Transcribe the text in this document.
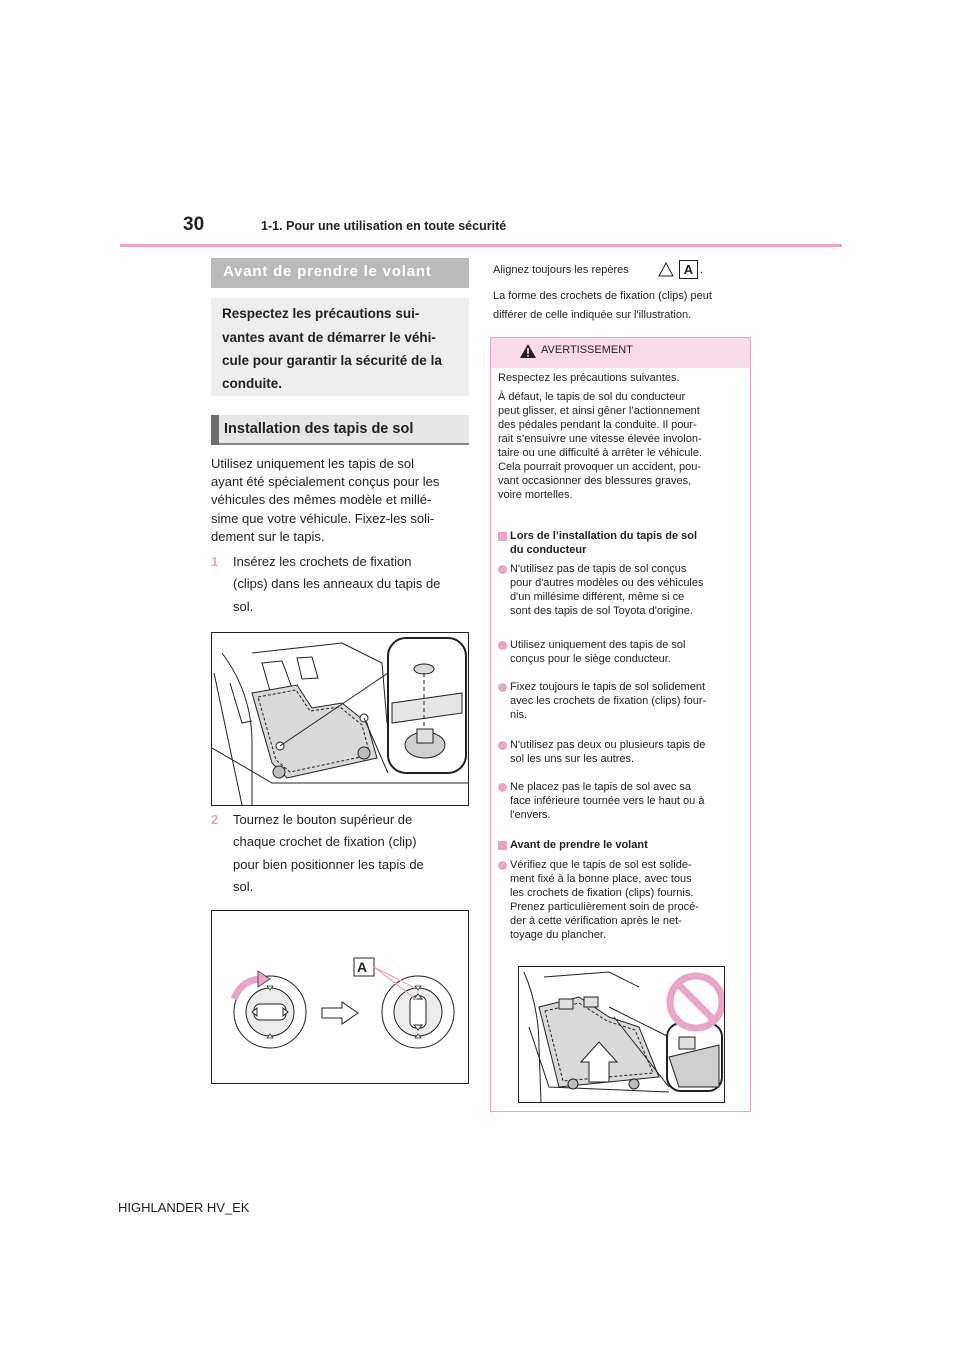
30	1-1. Pour une utilisation en toute sécurité
Avant de prendre le volant
Respectez les précautions sui-
vantes avant de démarrer le véhi-
cule pour garantir la sécurité de la
conduite.
Installation des tapis de sol
Utilisez uniquement les tapis de sol
ayant été spécialement conçus pour les
véhicules des mêmes modèle et millé-
sime que votre véhicule. Fixez-les soli-
dement sur le tapis.
1 Insérez les crochets de fixation
(clips) dans les anneaux du tapis de
sol.
2 Tournez le bouton supérieur de
chaque crochet de fixation (clip)
pour bien positionner les tapis de
sol.
A
Alignez toujours les repères	A .
La forme des crochets de fixation (clips) peut
différer de celle indiquée sur l'illustration.
AVERTISSEMENT
Respectez les précautions suivantes.
À défaut, le tapis de sol du conducteur
peut glisser, et ainsi gêner l’actionnement
des pédales pendant la conduite. Il pour-
rait s’ensuivre une vitesse élevée involon-
taire ou une difficulté à arrêter le véhicule.
Cela pourrait provoquer un accident, pou-
vant occasionner des blessures graves,
voire mortelles.
Lors de l’installation du tapis de sol
du conducteur
N'utilisez pas de tapis de sol conçus
pour d'autres modèles ou des véhicules
d'un millésime différent, même si ce
sont des tapis de sol Toyota d'origine.
Utilisez uniquement des tapis de sol
conçus pour le siège conducteur.
Fixez toujours le tapis de sol solidement
avec les crochets de fixation (clips) four-
nis.
N'utilisez pas deux ou plusieurs tapis de
sol les uns sur les autres.
Ne placez pas le tapis de sol avec sa
face inférieure tournée vers le haut ou à
l'envers.
Avant de prendre le volant
Vérifiez que le tapis de sol est solide-
ment fixé à la bonne place, avec tous
les crochets de fixation (clips) fournis.
Prenez particulièrement soin de procé-
der à cette vérification après le net-
toyage du plancher.
HIGHLANDER HV_EK
